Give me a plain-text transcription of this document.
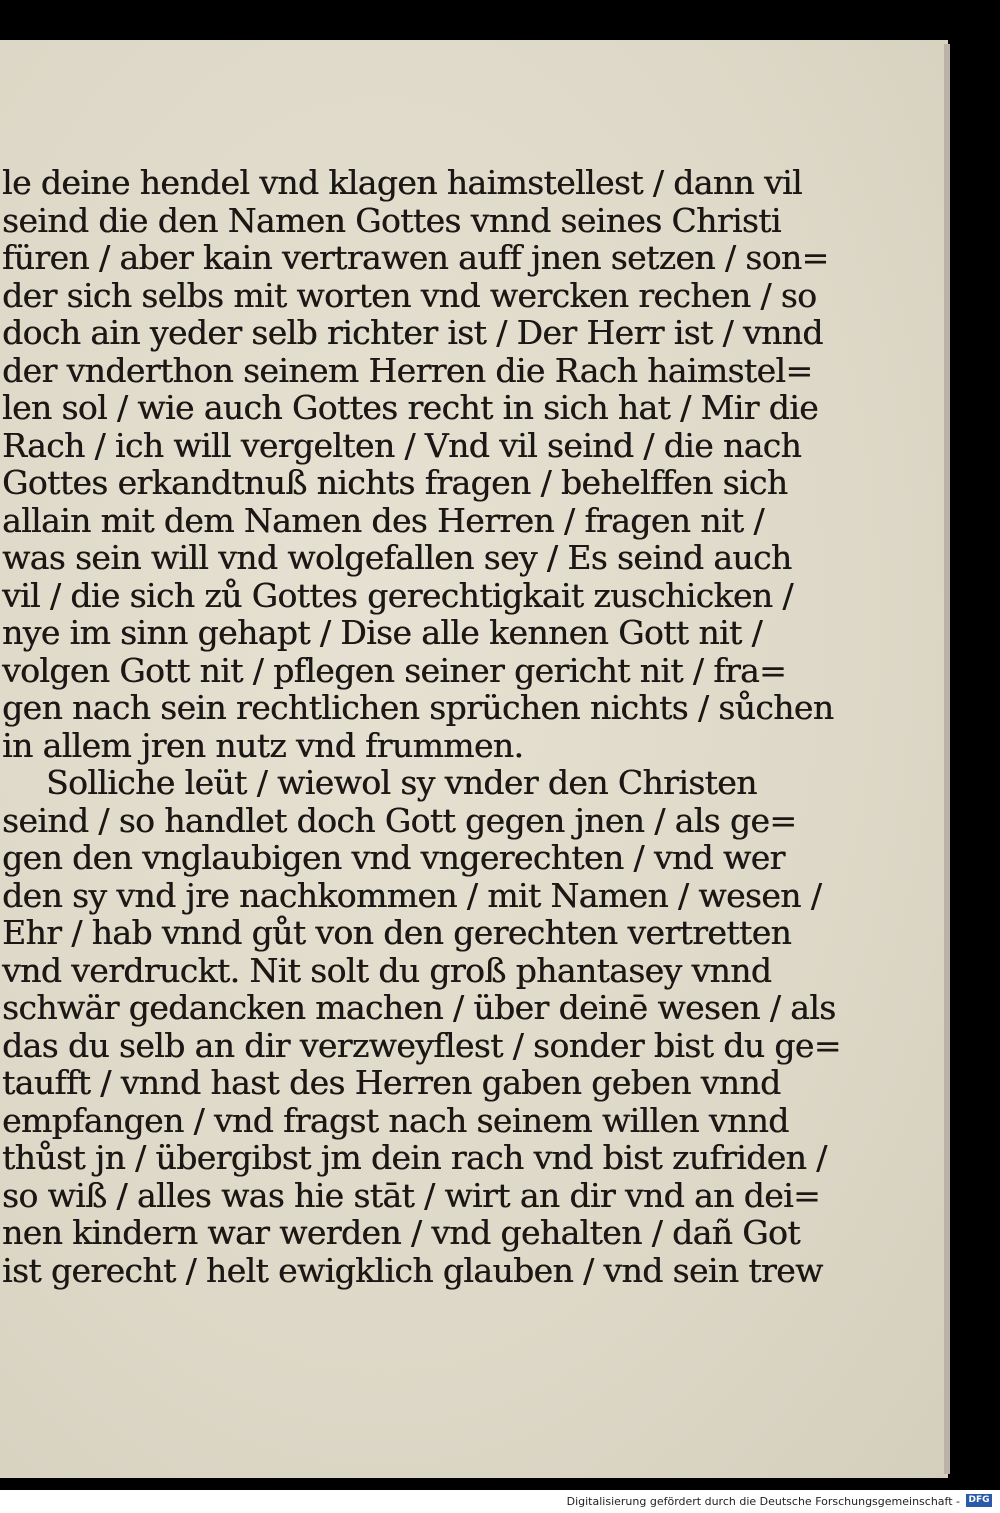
le deine hendel vnd klagen haimstellest / dann vil
seind die den Namen Gottes vnnd seines Christi
füren / aber kain vertrawen auff jnen setzen / son=
der sich selbs mit worten vnd wercken rechen / so
doch ain yeder selb richter ist / Der Herr ist / vnnd
der vnderthon seinem Herren die Rach haimstel=
len sol / wie auch Gottes recht in sich hat / Mir die
Rach / ich will vergelten / Vnd vil seind / die nach
Gottes erkandtnuß nichts fragen / behelffen sich
allain mit dem Namen des Herren / fragen nit /
was sein will vnd wolgefallen sey / Es seind auch
vil / die sich zů Gottes gerechtigkait zuschicken /
nye im sinn gehapt / Dise alle kennen Gott nit /
volgen Gott nit / pflegen seiner gericht nit / fra=
gen nach sein rechtlichen sprüchen nichts / sůchen
in allem jren nutz vnd frummen.
Solliche leüt / wiewol sy vnder den Christen
seind / so handlet doch Gott gegen jnen / als ge=
gen den vnglaubigen vnd vngerechten / vnd wer
den sy vnd jre nachkommen / mit Namen / wesen /
Ehr / hab vnnd gůt von den gerechten vertretten
vnd verdruckt. Nit solt du groß phantasey vnnd
schwär gedancken machen / über deinē wesen / als
das du selb an dir verzweyflest / sonder bist du ge=
taufft / vnnd hast des Herren gaben geben vnnd
empfangen / vnd fragst nach seinem willen vnnd
thůst jn / übergibst jm dein rach vnd bist zufriden /
so wiß / alles was hie stāt / wirt an dir vnd an dei=
nen kindern war werden / vnd gehalten / dañ Got
ist gerecht / helt ewigklich glauben / vnd sein trew
Digitalisierung gefördert durch die Deutsche Forschungsgemeinschaft - DFG
